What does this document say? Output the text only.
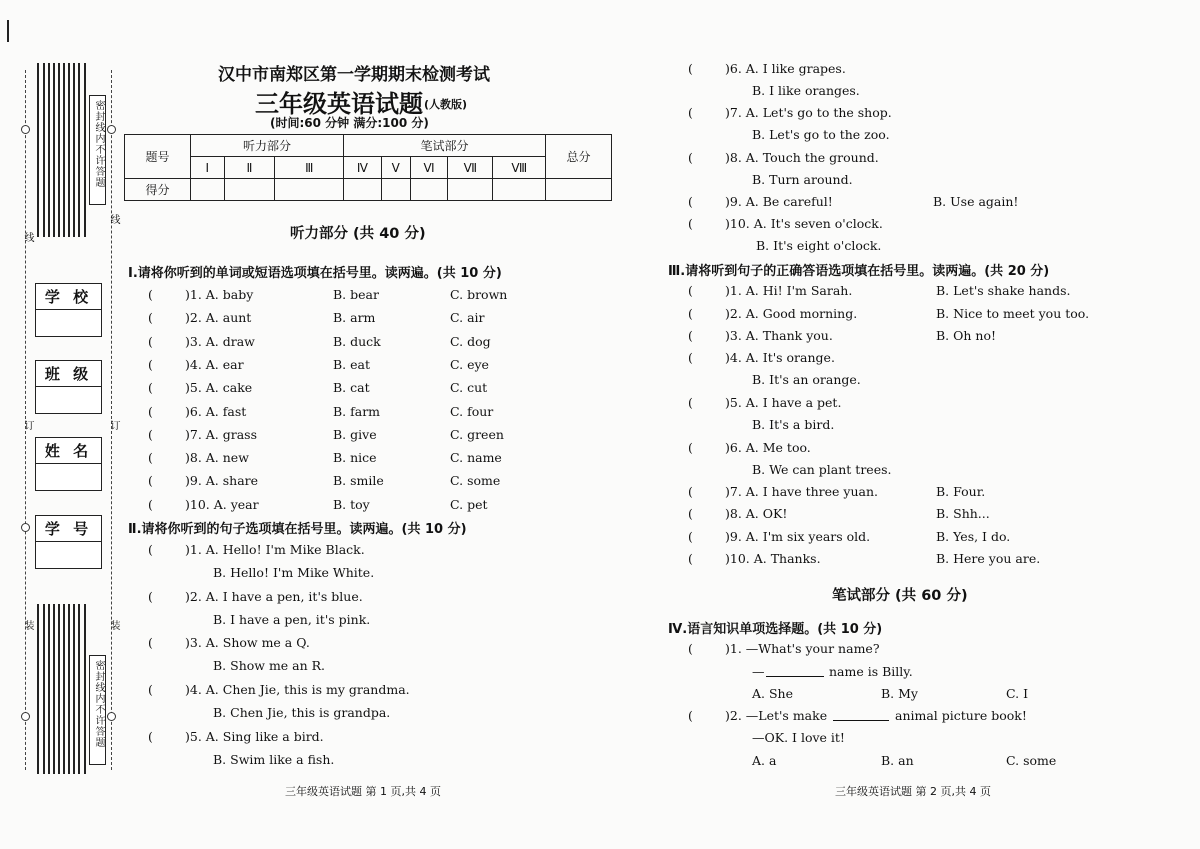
密封线内不许答题
密封线内不许答题
线
线
订	订
装	装
学 校
班 级
姓 名
学 号
汉中市南郑区第一学期期末检测考试
三年级英语试题 (人教版)
(时间:60 分钟 满分:100 分)
题号	听力部分			笔试部分					总分
	Ⅰ	Ⅱ	Ⅲ	Ⅳ	Ⅴ	Ⅵ	Ⅶ	Ⅷ	
得分									
听力部分 (共 40 分)
Ⅰ.请将你听到的单词或短语选项填在括号里。读两遍。(共 10 分)
(	)1. A. baby	B. bear	C. brown
(	)2. A. aunt	B. arm	C. air
(	)3. A. draw	B. duck	C. dog
(	)4. A. ear	B. eat	C. eye
(	)5. A. cake	B. cat	C. cut
(	)6. A. fast	B. farm	C. four
(	)7. A. grass	B. give	C. green
(	)8. A. new	B. nice	C. name
(	)9. A. share	B. smile	C. some
(	)10. A. year	B. toy	C. pet
Ⅱ.请将你听到的句子选项填在括号里。读两遍。(共 10 分)
(	)1. A. Hello! I'm Mike Black.
B. Hello! I'm Mike White.
(	)2. A. I have a pen, it's blue.
B. I have a pen, it's pink.
(	)3. A. Show me a Q.
B. Show me an R.
(	)4. A. Chen Jie, this is my grandma.
B. Chen Jie, this is grandpa.
(	)5. A. Sing like a bird.
B. Swim like a fish.
三年级英语试题 第 1 页,共 4 页
(	)6. A. I like grapes.
B. I like oranges.
(	)7. A. Let's go to the shop.
B. Let's go to the zoo.
(	)8. A. Touch the ground.
B. Turn around.
(	)9. A. Be careful!	B. Use again!
(	)10. A. It's seven o'clock.
B. It's eight o'clock.
Ⅲ.请将听到句子的正确答语选项填在括号里。读两遍。(共 20 分)
(	)1. A. Hi! I'm Sarah.	B. Let's shake hands.
(	)2. A. Good morning.	B. Nice to meet you too.
(	)3. A. Thank you.	B. Oh no!
(	)4. A. It's orange.
B. It's an orange.
(	)5. A. I have a pet.
B. It's a bird.
(	)6. A. Me too.
B. We can plant trees.
(	)7. A. I have three yuan.	B. Four.
(	)8. A. OK!	B. Shh...
(	)9. A. I'm six years old.	B. Yes, I do.
(	)10. A. Thanks.	B. Here you are.
笔试部分 (共 60 分)
Ⅳ.语言知识单项选择题。(共 10 分)
(	)1. —What's your name?
—	name is Billy.
A. She	B. My	C. I
(	)2. —Let's make	animal picture book!
—OK. I love it!
A. a	B. an	C. some
三年级英语试题 第 2 页,共 4 页
